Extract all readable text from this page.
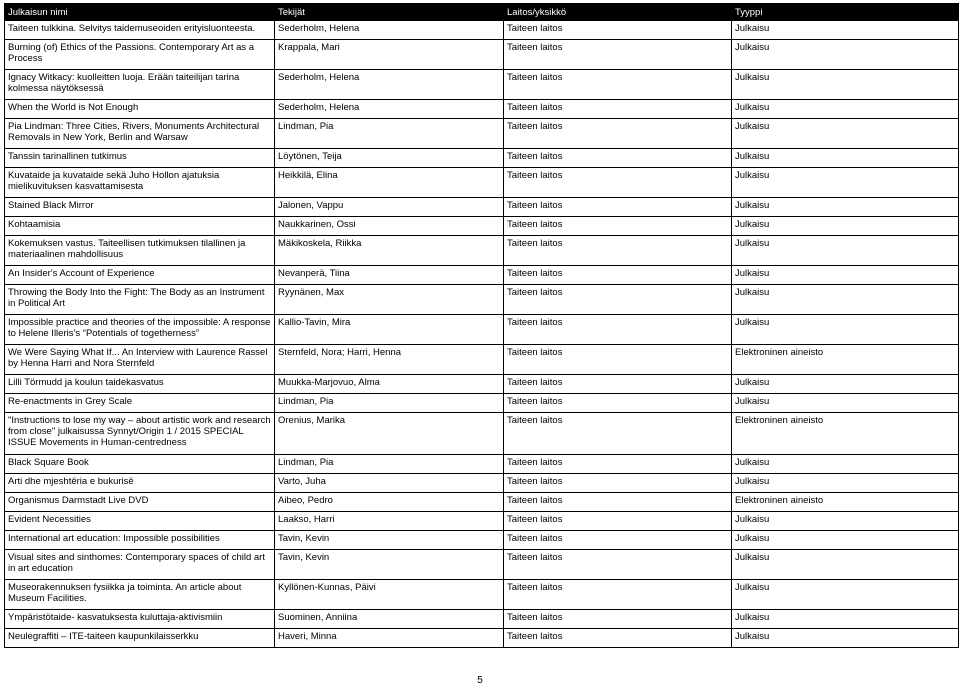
Julkaisun nimi	Tekijät	Laitos/yksikkö	Tyyppi
Taiteen tulkkina. Selvitys taidemuseoiden erityisluonteesta.	Sederholm, Helena	Taiteen laitos	Julkaisu
Burning (of) Ethics of the Passions. Contemporary Art as a Process	Krappala, Mari	Taiteen laitos	Julkaisu
Ignacy Witkacy: kuolleitten luoja. Erään taiteilijan tarina kolmessa näytöksessä	Sederholm, Helena	Taiteen laitos	Julkaisu
When the World is Not Enough	Sederholm, Helena	Taiteen laitos	Julkaisu
Pia Lindman: Three Cities, Rivers, Monuments Architectural Removals in New York, Berlin and Warsaw	Lindman, Pia	Taiteen laitos	Julkaisu
Tanssin tarinallinen tutkimus	Löytönen, Teija	Taiteen laitos	Julkaisu
Kuvataide ja kuvataide sekä Juho Hollon ajatuksia mielikuvituksen kasvattamisesta	Heikkilä, Elina	Taiteen laitos	Julkaisu
Stained Black Mirror	Jalonen, Vappu	Taiteen laitos	Julkaisu
Kohtaamisia	Naukkarinen, Ossi	Taiteen laitos	Julkaisu
Kokemuksen vastus. Taiteellisen tutkimuksen tilallinen ja materiaalinen mahdollisuus	Mäkikoskela, Riikka	Taiteen laitos	Julkaisu
An Insider's Account of Experience	Nevanperä, Tiina	Taiteen laitos	Julkaisu
Throwing the Body Into the Fight: The Body as an Instrument in Political Art	Ryynänen, Max	Taiteen laitos	Julkaisu
Impossible practice and theories of the impossible: A response to Helene Illeris’s “Potentials of togetherness”	Kallio-Tavin, Mira	Taiteen laitos	Julkaisu
We Were Saying What If... An Interview with Laurence Rassel by Henna Harri and Nora Sternfeld	Sternfeld, Nora; Harri, Henna	Taiteen laitos	Elektroninen aineisto
Lilli Törmudd ja koulun taidekasvatus	Muukka-Marjovuo, Alma	Taiteen laitos	Julkaisu
Re-enactments in Grey Scale	Lindman, Pia	Taiteen laitos	Julkaisu
"Instructions to lose my way – about artistic work and research from close" julkaisussa Synnyt/Origin 1 / 2015 SPECIAL ISSUE Movements in Human-centredness	Orenius, Marika	Taiteen laitos	Elektroninen aineisto
Black Square Book	Lindman, Pia	Taiteen laitos	Julkaisu
Arti dhe mjeshtëria e bukurisë	Varto, Juha	Taiteen laitos	Julkaisu
Organismus Darmstadt Live DVD	Aibeo, Pedro	Taiteen laitos	Elektroninen aineisto
Evident Necessities	Laakso, Harri	Taiteen laitos	Julkaisu
International art education: Impossible possibilities	Tavin, Kevin	Taiteen laitos	Julkaisu
Visual sites and sinthomes: Contemporary spaces of child art in art education	Tavin, Kevin	Taiteen laitos	Julkaisu
Museorakennuksen fysiikka ja toiminta. An article about Museum Facilities.	Kyllönen-Kunnas, Päivi	Taiteen laitos	Julkaisu
Ympäristötaide- kasvatuksesta kuluttaja-aktivismiin	Suominen, Anniina	Taiteen laitos	Julkaisu
Neulegraffiti – ITE-taiteen kaupunkilaisserkku	Haveri, Minna	Taiteen laitos	Julkaisu
5
